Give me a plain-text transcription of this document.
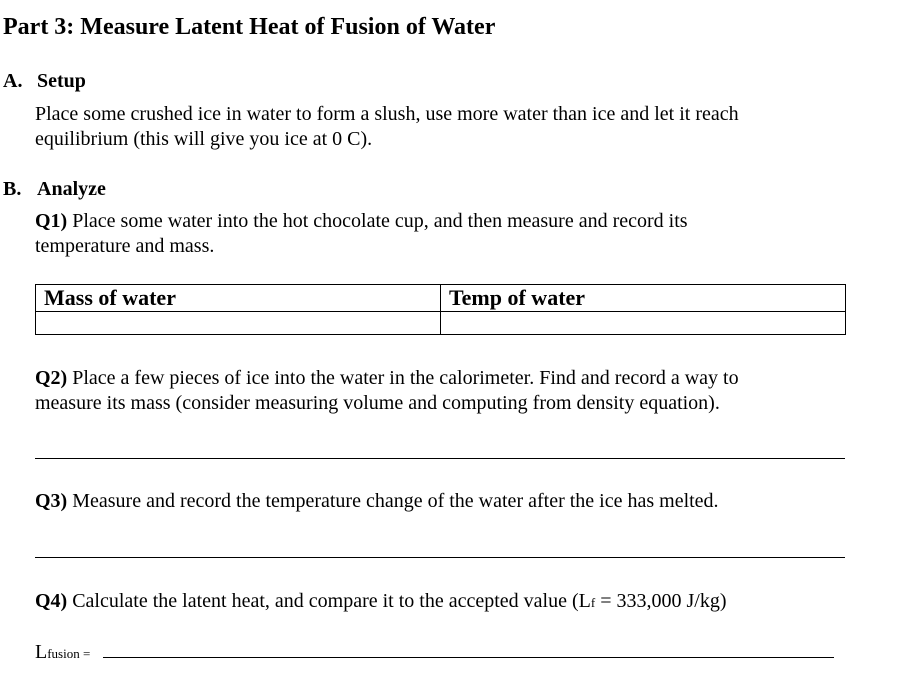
Part 3: Measure Latent Heat of Fusion of Water
A. Setup
Place some crushed ice in water to form a slush, use more water than ice and let it reach
equilibrium (this will give you ice at 0 C).
B. Analyze
Q1) Place some water into the hot chocolate cup, and then measure and record its
temperature and mass.
Mass of water	Temp of water

Q2) Place a few pieces of ice into the water in the calorimeter. Find and record a way to
measure its mass (consider measuring volume and computing from density equation).
Q3) Measure and record the temperature change of the water after the ice has melted.
Q4) Calculate the latent heat, and compare it to the accepted value (Lf = 333,000 J/kg)
Lfusion =
